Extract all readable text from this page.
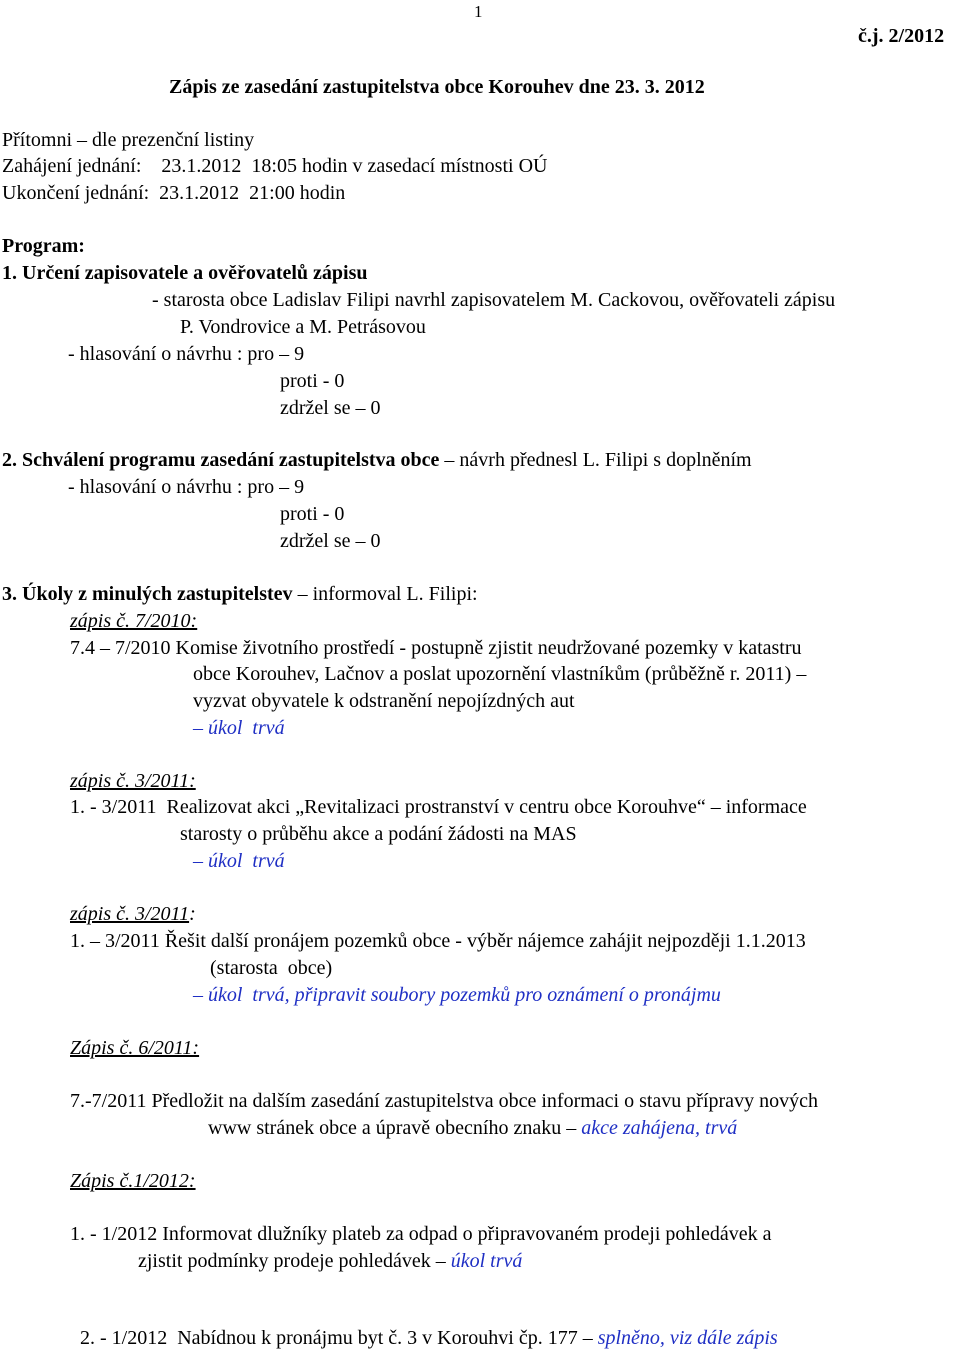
1
č.j. 2/2012
Zápis ze zasedání zastupitelstva obce Korouhev dne 23. 3. 2012
Přítomni – dle prezenční listiny
Zahájení jednání:    23.1.2012  18:05 hodin v zasedací místnosti OÚ
Ukončení jednání:  23.1.2012  21:00 hodin
Program:
1. Určení zapisovatele a ověřovatelů zápisu
- starosta obce Ladislav Filipi navrhl zapisovatelem M. Cackovou, ověřovateli zápisu
P. Vondrovice a M. Petrásovou
- hlasování o návrhu : pro – 9
proti - 0
zdržel se – 0
2. Schválení programu zasedání zastupitelstva obce – návrh přednesl L. Filipi s doplněním
- hlasování o návrhu : pro – 9
proti - 0
zdržel se – 0
3. Úkoly z minulých zastupitelstev – informoval L. Filipi:
zápis č. 7/2010:
7.4 – 7/2010 Komise životního prostředí - postupně zjistit neudržované pozemky v katastru
obce Korouhev, Lačnov a poslat upozornění vlastníkům (průběžně r. 2011) –
vyzvat obyvatele k odstranění nepojízdných aut
– úkol  trvá
zápis č. 3/2011:
1. - 3/2011  Realizovat akci „Revitalizaci prostranství v centru obce Korouhve“ – informace
starosty o průběhu akce a podání žádosti na MAS
– úkol  trvá
zápis č. 3/2011:
1. – 3/2011 Řešit další pronájem pozemků obce - výběr nájemce zahájit nejpozději 1.1.2013
(starosta  obce)
– úkol  trvá, připravit soubory pozemků pro oznámení o pronájmu
Zápis č. 6/2011:
7.-7/2011 Předložit na dalším zasedání zastupitelstva obce informaci o stavu přípravy nových
www stránek obce a úpravě obecního znaku – akce zahájena, trvá
Zápis č.1/2012:
1. - 1/2012 Informovat dlužníky plateb za odpad o připravovaném prodeji pohledávek a
zjistit podmínky prodeje pohledávek – úkol trvá

2. - 1/2012  Nabídnou k pronájmu byt č. 3 v Korouhvi čp. 177 – splněno, viz dále zápis
